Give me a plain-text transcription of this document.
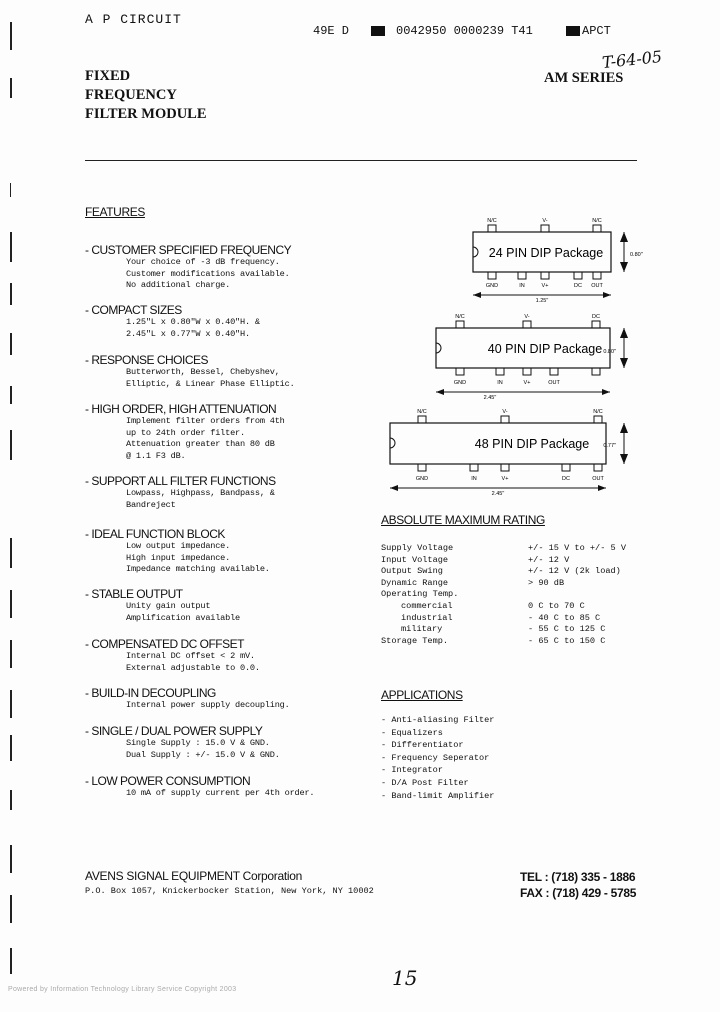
A P CIRCUIT
49E D	0042950 0000239 T41	APCT
T-64-05
FIXED
FREQUENCY
FILTER MODULE
AM SERIES
FEATURES
- CUSTOMER SPECIFIED FREQUENCY
Your choice of -3 dB frequency.
Customer modifications available.
No additional charge.
- COMPACT SIZES
1.25"L x 0.80"W x 0.40"H. &
2.45"L x 0.77"W x 0.40"H.
- RESPONSE CHOICES
Butterworth, Bessel, Chebyshev,
Elliptic, & Linear Phase Elliptic.
- HIGH ORDER, HIGH ATTENUATION
Implement filter orders from 4th
up to 24th order filter.
Attenuation greater than 80 dB
@ 1.1 F3 dB.
- SUPPORT ALL FILTER FUNCTIONS
Lowpass, Highpass, Bandpass, &
Bandreject
- IDEAL FUNCTION BLOCK
Low output impedance.
High input impedance.
Impedance matching available.
- STABLE OUTPUT
Unity gain output
Amplification available
- COMPENSATED DC OFFSET
Internal DC offset < 2 mV.
External adjustable to 0.0.
- BUILD-IN DECOUPLING
Internal power supply decoupling.
- SINGLE / DUAL POWER SUPPLY
Single Supply : 15.0 V & GND.
Dual Supply : +/- 15.0 V & GND.
- LOW POWER CONSUMPTION
10 mA of supply current per 4th order.
N/C	V-	N/C
24 PIN DIP Package
GND	IN	V+	DC OUT
1.25"
0.80"
N/C	V-	DC
40 PIN DIP Package
GND	IN	V+	OUT
2.45"
0.80"
N/C	V-	N/C
48 PIN DIP Package
GND	IN	V+	DC	OUT
2.45"
0.77"
ABSOLUTE MAXIMUM RATING
Supply Voltage	+/- 15 V to +/- 5 V
Input Voltage	+/- 12 V
Output Swing	+/- 12 V (2k load)
Dynamic Range	> 90 dB
Operating Temp.	
commercial	0 C to 70 C
industrial	- 40 C to 85 C
military	- 55 C to 125 C
Storage Temp.	- 65 C to 150 C
APPLICATIONS
- Anti-aliasing Filter
- Equalizers
- Differentiator
- Frequency Seperator
- Integrator
- D/A Post Filter
- Band-limit Amplifier
AVENS SIGNAL EQUIPMENT Corporation
P.O. Box 1057, Knickerbocker Station, New York, NY 10002
TEL : (718) 335 - 1886
FAX : (718) 429 - 5785
15
Powered by Information Technology Library Service Copyright 2003
